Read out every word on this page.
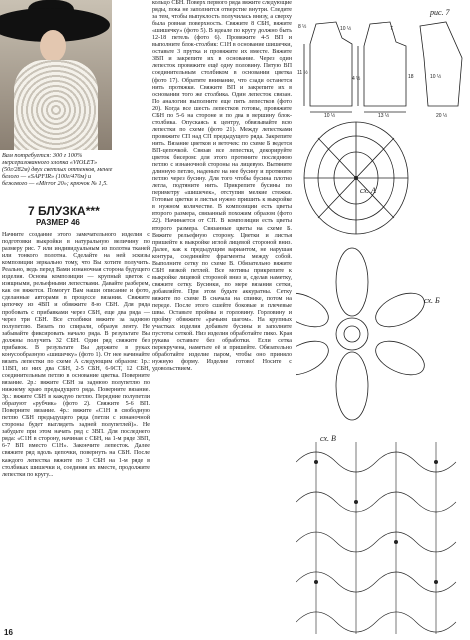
Вам потребуется: 300 г 100% мерсеризованного хлопка «VIOLET» (50г/282м) двух светлых оттенков, менее белого — «SAPFIR» (100г/470м) и бежевого — «Mirror 20»; крючок № 1,5.
7 БЛУЗКА***
РАЗМЕР 46
Начните создание этого замечательного изделия с подготовки выкройки в натуральную величину по размеру рис. 7 или индивидуальным из полотна тканей или тонкого полотна. Сделайте на ней эскизы композиции зеркально тому, что Вы хотите получить. Реально, ведь перед Вами изнаночная сторона будущего изделия. Основа композиции — крупный цветок с изящными, рельефными лепестками. Давайте разберем, как он вяжется. Помогут Вам наши описание и фото, сделанные авторами в процессе вязания. Свяжите цепочку из 4ВП и обвяжите 8-ю СБН. Для ряда пробовать с прибавками через СБН, еще два ряда — через три СБН. Все столбики вяжите за заднюю полупетлю. Вязать по спирали, образуя ленту. Не забывайте фиксировать начало ряда. В результате Вы должны получить 32 СБН. Один ряд свяжите без прибавок. В результате Вы держите в руках конусообразную «шишечку» (фото 1). От нее начинайте вязать лепестки по схеме А следующим образом: 1р.: 11ВП, из них два СБН, 2-5 СБН, 6-9СТ, 12 СБН, соединительным петлю в основание цветка. Поверните вязание. 2р.: вяжите СБН за заднюю полупетлю по нижнему краю предыдущего ряда. Поверните вязание. 3р.: вяжите СБН в каждую петлю. Передние полупетли образуют «рубчик» (фото 2). Свяжите 5-6 ВП. Поверните вязание. 4р.: вяжите «С1Н в свободную петлю СБН предыдущего ряда (петли с изнаночной стороны будет выглядеть задней полупетлей)». Не забудьте при этом начать ряд с 3ВП. Для последнего ряда: «С1Н в сторону, начиная с СБН, на 1-м ряде 3ВП, 6-7 ВП вместо С1Н». Закончите лепесток. Далее свяжите ряд вдоль цепочки, повернуть на СБН. После каждого лепестка вяжите по 3 СБН на 1-м ряде в столбиках шишечки и, соединяя их вместе, продолжите лепестки по кругу...
кольцо СБН. Поверх первого ряда вяжите следующие ряды, пока не заполнится отверстие внутри. Следите за тем, чтобы выпуклость получилась внизу, а сверху была ровная поверхность. Свяжите 8 СБН, вяжите «шишечку» (фото 5). В идеале по кругу должно быть 12-18 петель (фото 6). Провяжите 4-5 ВП и выполните блок-столбик: С1Н в основание шишечки, оставьте 3 прутка и провяжите их вместе. Вяжите 3ВП и закрепите их в основание. Через один лепесток провяжите ещё одну половину. Пятую ВП соединительным столбиком в основании цветка (фото 17). Обратите внимание, что сзади останется нить протяжки. Свяжите ВП и закрепите их в основании того же столбика. Один лепесток связан. По аналогии выполните еще пять лепестков (фото 20). Когда все шесть лепестков готовы, провяжите СБН по 5-6 на стороне и по два в вершину блок-столбика. Опускаясь к центру, обвязывайте всю лепестки по схеме (фото 21). Между лепестками провяжите СП над СП предыдущего ряда. Закрепите нить. Вязание цветков и веточек: по схеме Б ведется ВП-цепочкой. Связав все лепестки, декорируйте цветок бисером: для этого протяните последнюю петлю с изнаночной стороны на лицевую. Вытяните длинную петлю, наденьте на нее бусину и протяните петлю через бусину. Для того чтобы бусина плотно легла, подтяните нить. Прикрепите бусины по периметру «шишечек», отступив мелкие стежки. Готовые цветки и листья нужно пришить к выкройке в нужном количестве. В композиции есть цветы второго размера, связанный похожим образом (фото 22). Начинается от СП. В композиции есть цветы второго размера. Связанные цветы на схеме Б. Вяжите рельефную сторону. Цветки и листья пришейте к выкройке иглой лицевой стороной вниз. Далее, как к предыдущим вариантом, не нарушая контура, соединяйте фрагменты между собой. Выполните сетку по схеме В. Обязательно вяжите СБН вязкой петлей. Все мотивы прикрепите к выкройке лицевой стороной вниз и, сделав наметку, свяжите сетку. Бусинки, по мере вязания сетки, добавляйте. При этом будьте аккуратны. Сетку вяжите по схеме В сначала на спинке, потом на переде. После этого сшейте боковые и плечевые швы. Оставьте проймы и горловину. Горловину и пройму обвяжите «рачьим шагом». На крупных участках изделия добавьте бусины и заполните пустоты сеткой. Низ изделия обработайте пико. Края рукава оставьте без обработки. Если сетка перекручена, наметьте её и пришейте. Обязательно обработайте изделие паром, чтобы оно приняло нужную форму. Изделие готово! Носите с удовольствием.
16
рис. 7
8 ½
11 ½
10 ½
4 ½
10 ½	13 ½
18	10 ½
20 ½
7
сх. А
сх. Б
сх. В
